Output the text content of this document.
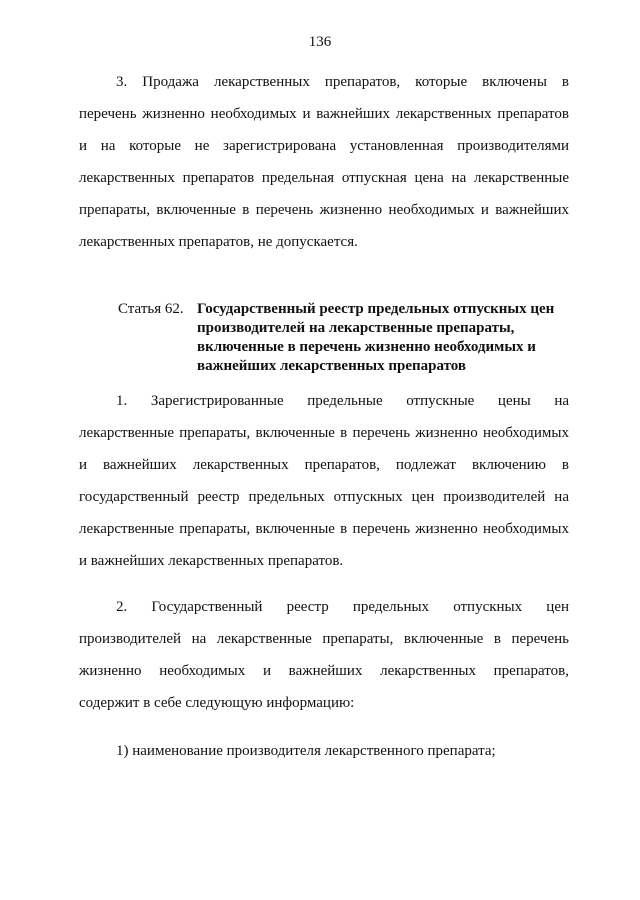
136
3. Продажа лекарственных препаратов, которые включены в
перечень жизненно необходимых и важнейших лекарственных препаратов
и на которые не зарегистрирована установленная производителями
лекарственных препаратов предельная отпускная цена на лекарственные
препараты, включенные в перечень жизненно необходимых и важнейших
лекарственных препаратов, не допускается.
Статья 62. Государственный реестр предельных отпускных цен
производителей на лекарственные препараты,
включенные в перечень жизненно необходимых и
важнейших лекарственных препаратов
1. Зарегистрированные предельные отпускные цены на
лекарственные препараты, включенные в перечень жизненно необходимых
и важнейших лекарственных препаратов, подлежат включению в
государственный реестр предельных отпускных цен производителей на
лекарственные препараты, включенные в перечень жизненно необходимых
и важнейших лекарственных препаратов.
2. Государственный реестр предельных отпускных цен
производителей на лекарственные препараты, включенные в перечень
жизненно необходимых и важнейших лекарственных препаратов,
содержит в себе следующую информацию:
1) наименование производителя лекарственного препарата;
